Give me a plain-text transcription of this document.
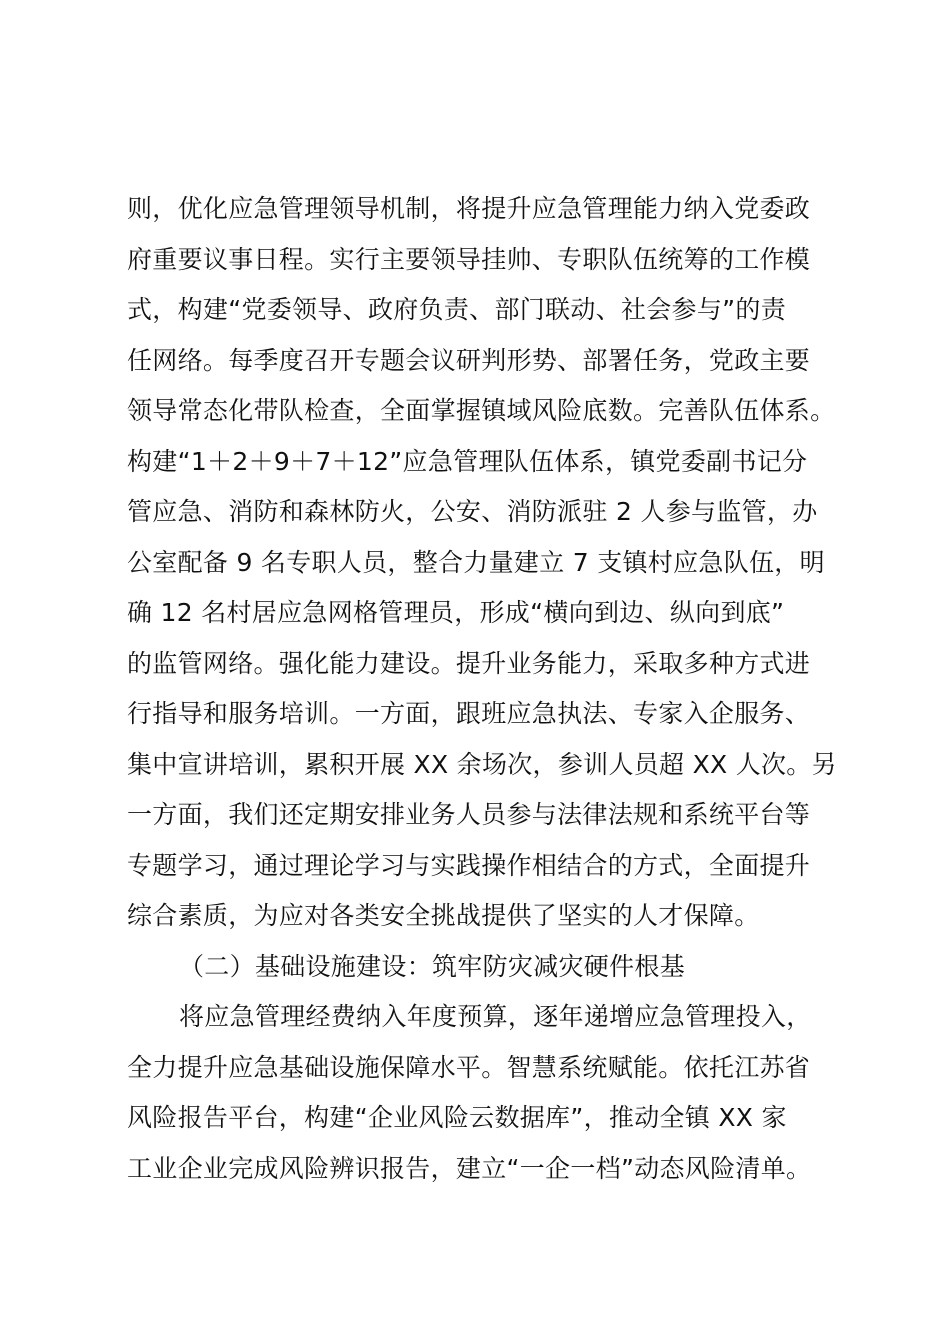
则，优化应急管理领导机制，将提升应急管理能力纳入党委政
府重要议事日程。实行主要领导挂帅、专职队伍统筹的工作模
式，构建“党委领导、政府负责、部门联动、社会参与”的责
任网络。每季度召开专题会议研判形势、部署任务，党政主要
领导常态化带队检查，全面掌握镇域风险底数。完善队伍体系。
构建“1＋2＋9＋7＋12”应急管理队伍体系，镇党委副书记分
管应急、消防和森林防火，公安、消防派驻 2 人参与监管，办
公室配备 9 名专职人员，整合力量建立 7 支镇村应急队伍，明
确 12 名村居应急网格管理员，形成“横向到边、纵向到底”
的监管网络。强化能力建设。提升业务能力，采取多种方式进
行指导和服务培训。一方面，跟班应急执法、专家入企服务、
集中宣讲培训，累积开展 XX 余场次，参训人员超 XX 人次。另
一方面，我们还定期安排业务人员参与法律法规和系统平台等
专题学习，通过理论学习与实践操作相结合的方式，全面提升
综合素质，为应对各类安全挑战提供了坚实的人才保障。
（二）基础设施建设：筑牢防灾减灾硬件根基
将应急管理经费纳入年度预算，逐年递增应急管理投入，
全力提升应急基础设施保障水平。智慧系统赋能。依托江苏省
风险报告平台，构建“企业风险云数据库”，推动全镇 XX 家
工业企业完成风险辨识报告，建立“一企一档”动态风险清单。
